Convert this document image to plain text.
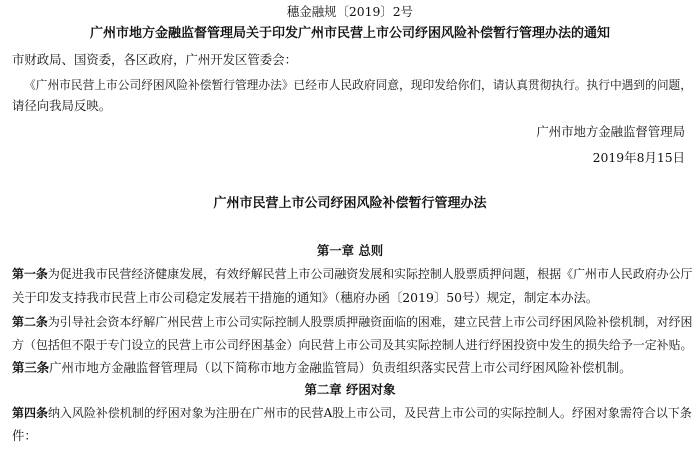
穗金融规〔2019〕2号
广州市地方金融监督管理局关于印发广州市民营上市公司纾困风险补偿暂行管理办法的通知
市财政局、国资委，各区政府，广州开发区管委会：
《广州市民营上市公司纾困风险补偿暂行管理办法》已经市人民政府同意，现印发给你们，请认真贯彻执行。执行中遇到的问题，
请径向我局反映。
广州市地方金融监督管理局
2019年8月15日
广州市民营上市公司纾困风险补偿暂行管理办法
第一章 总则
第一条为促进我市民营经济健康发展，有效纾解民营上市公司融资发展和实际控制人股票质押问题，根据《广州市人民政府办公厅
关于印发支持我市民营上市公司稳定发展若干措施的通知》（穗府办函〔2019〕50号）规定，制定本办法。
第二条为引导社会资本纾解广州民营上市公司实际控制人股票质押融资面临的困难，建立民营上市公司纾困风险补偿机制，对纾困
方（包括但不限于专门设立的民营上市公司纾困基金）向民营上市公司及其实际控制人进行纾困投资中发生的损失给予一定补贴。
第三条广州市地方金融监督管理局（以下简称市地方金融监管局）负责组织落实民营上市公司纾困风险补偿机制。
第二章 纾困对象
第四条纳入风险补偿机制的纾困对象为注册在广州市的民营A股上市公司，及民营上市公司的实际控制人。纾困对象需符合以下条
件：
